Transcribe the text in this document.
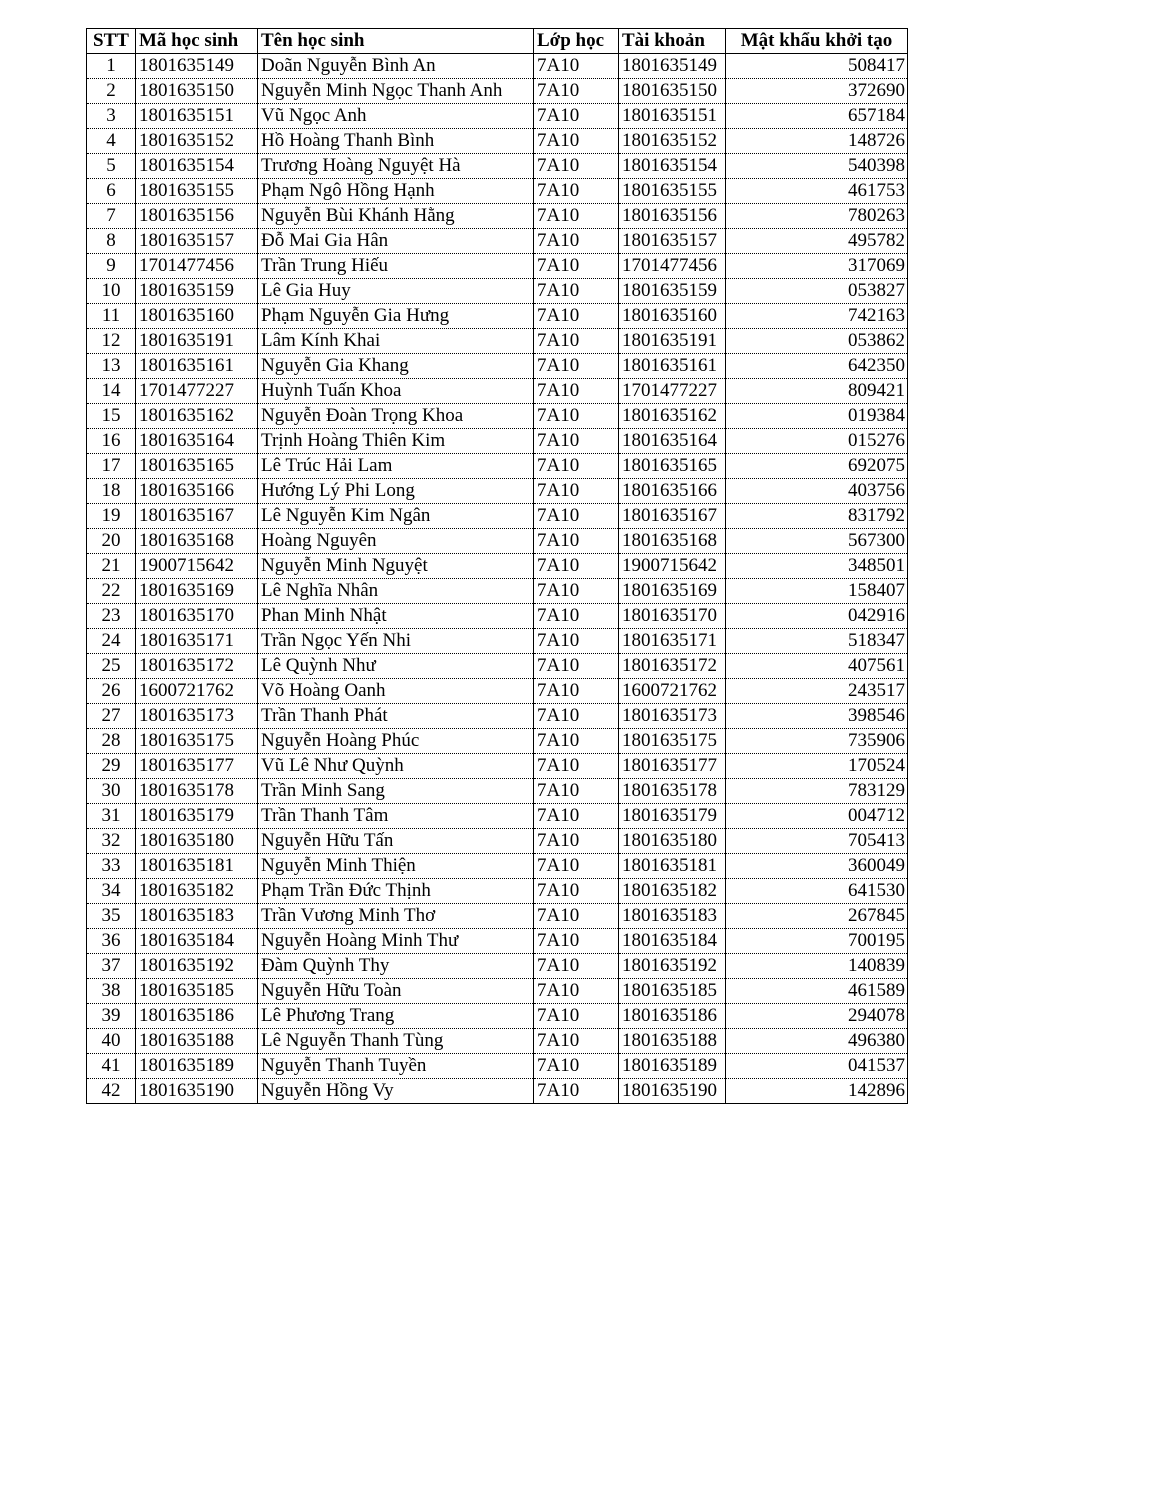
STT	Mã học sinh	Tên học sinh	Lớp học	Tài khoản	Mật khẩu khởi tạo
1	1801635149	Doãn Nguyễn Bình An	7A10	1801635149	508417
2	1801635150	Nguyễn Minh Ngọc Thanh Anh	7A10	1801635150	372690
3	1801635151	Vũ Ngọc Anh	7A10	1801635151	657184
4	1801635152	Hồ Hoàng Thanh Bình	7A10	1801635152	148726
5	1801635154	Trương Hoàng Nguyệt Hà	7A10	1801635154	540398
6	1801635155	Phạm Ngô Hồng Hạnh	7A10	1801635155	461753
7	1801635156	Nguyễn Bùi Khánh Hằng	7A10	1801635156	780263
8	1801635157	Đỗ Mai Gia Hân	7A10	1801635157	495782
9	1701477456	Trần Trung Hiếu	7A10	1701477456	317069
10	1801635159	Lê Gia Huy	7A10	1801635159	053827
11	1801635160	Phạm Nguyễn Gia Hưng	7A10	1801635160	742163
12	1801635191	Lâm Kính Khai	7A10	1801635191	053862
13	1801635161	Nguyễn Gia Khang	7A10	1801635161	642350
14	1701477227	Huỳnh Tuấn Khoa	7A10	1701477227	809421
15	1801635162	Nguyễn Đoàn Trọng Khoa	7A10	1801635162	019384
16	1801635164	Trịnh Hoàng Thiên Kim	7A10	1801635164	015276
17	1801635165	Lê Trúc Hải Lam	7A10	1801635165	692075
18	1801635166	Hướng Lý Phi Long	7A10	1801635166	403756
19	1801635167	Lê Nguyễn Kim Ngân	7A10	1801635167	831792
20	1801635168	Hoàng Nguyên	7A10	1801635168	567300
21	1900715642	Nguyễn Minh Nguyệt	7A10	1900715642	348501
22	1801635169	Lê Nghĩa Nhân	7A10	1801635169	158407
23	1801635170	Phan Minh Nhật	7A10	1801635170	042916
24	1801635171	Trần Ngọc Yến Nhi	7A10	1801635171	518347
25	1801635172	Lê Quỳnh Như	7A10	1801635172	407561
26	1600721762	Võ Hoàng Oanh	7A10	1600721762	243517
27	1801635173	Trần Thanh Phát	7A10	1801635173	398546
28	1801635175	Nguyễn Hoàng Phúc	7A10	1801635175	735906
29	1801635177	Vũ Lê Như Quỳnh	7A10	1801635177	170524
30	1801635178	Trần Minh Sang	7A10	1801635178	783129
31	1801635179	Trần Thanh Tâm	7A10	1801635179	004712
32	1801635180	Nguyễn Hữu Tấn	7A10	1801635180	705413
33	1801635181	Nguyễn Minh Thiện	7A10	1801635181	360049
34	1801635182	Phạm Trần Đức Thịnh	7A10	1801635182	641530
35	1801635183	Trần Vương Minh Thơ	7A10	1801635183	267845
36	1801635184	Nguyễn Hoàng Minh Thư	7A10	1801635184	700195
37	1801635192	Đàm Quỳnh Thy	7A10	1801635192	140839
38	1801635185	Nguyễn Hữu Toàn	7A10	1801635185	461589
39	1801635186	Lê Phương Trang	7A10	1801635186	294078
40	1801635188	Lê Nguyễn Thanh Tùng	7A10	1801635188	496380
41	1801635189	Nguyễn Thanh Tuyền	7A10	1801635189	041537
42	1801635190	Nguyễn Hồng Vy	7A10	1801635190	142896
